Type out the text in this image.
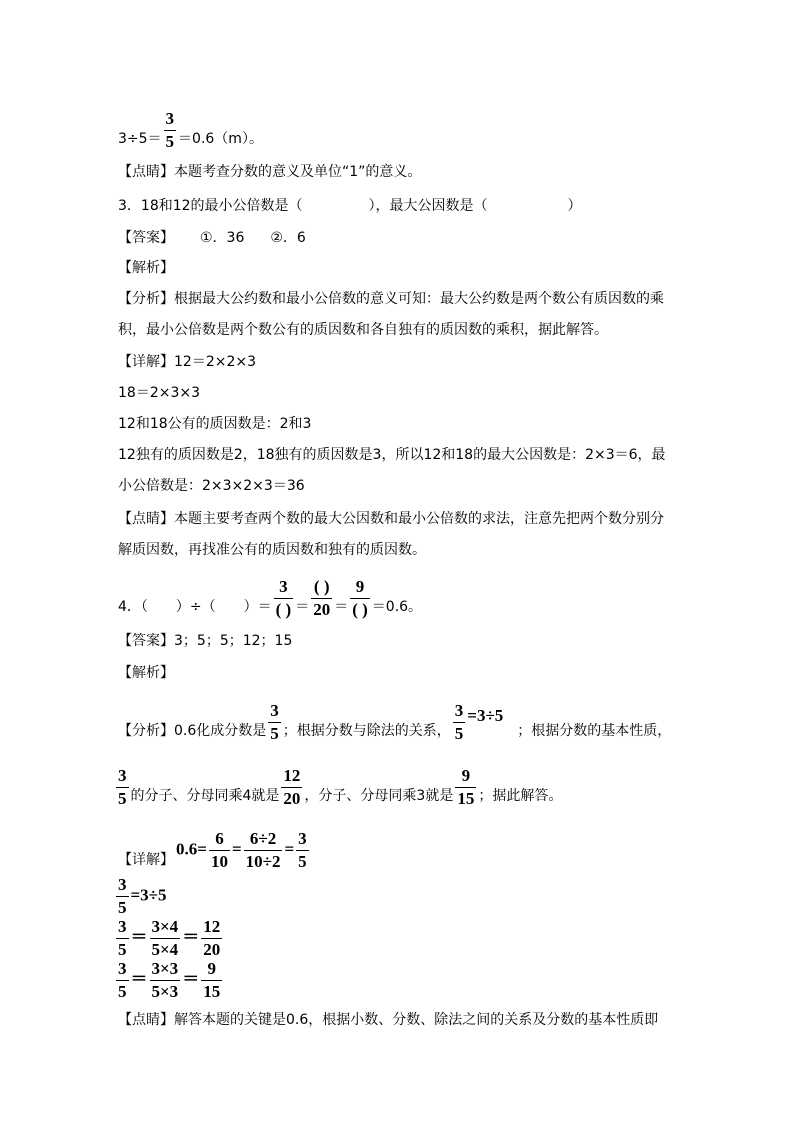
$3\div 5= \frac{3}{5} =0.6(m)$。
【点睛】本题考查分数的意义及单位“1”的意义。
3．18和12的最小公倍数是（	），最大公因数是（	）
【答案】 ①．36 ②．6
【解析】
【分析】根据最大公约数和最小公倍数的意义可知：最大公约数是两个数公有质因数的乘
积，最小公倍数是两个数公有的质因数和各自独有的质因数的乘积，据此解答。
【详解】12＝2×2×3
18＝2×3×3
12和18公有的质因数是：2和3
12独有的质因数是2，18独有的质因数是3，所以12和18的最大公因数是：2×3＝6，最
小公倍数是：2×3×2×3＝36
【点睛】本题主要考查两个数的最大公因数和最小公倍数的求法，注意先把两个数分别分
解质因数，再找准公有的质因数和独有的质因数。
4．（　　）÷（　　）＝ $\frac{3}{( )} = \frac{( )}{20} = \frac{9}{( )} =0.6$。
【答案】3；5；5；12；15
【解析】
【分析】0.6化成分数是 $\frac{3}{5}$ ；根据分数与除法的关系， $\frac{3}{5} =3\div 5$；根据分数的基本性质，
$\frac{3}{5}$ 的分子、分母同乘4就是 $\frac{12}{20}$ ，分子、分母同乘3就是 $\frac{9}{15}$ ；据此解答。
【详解】
$0.6= \frac{6}{10} = \frac{6\div 2}{10\div 2} = \frac{3}{5}$
$\frac{3}{5} =3\div 5$
$\frac{3}{5} = \frac{3\times 4}{5\times 4} = \frac{12}{20}$
$\frac{3}{5} = \frac{3\times 3}{5\times 3} = \frac{9}{15}$
【点睛】解答本题的关键是0.6，根据小数、分数、除法之间的关系及分数的基本性质即
